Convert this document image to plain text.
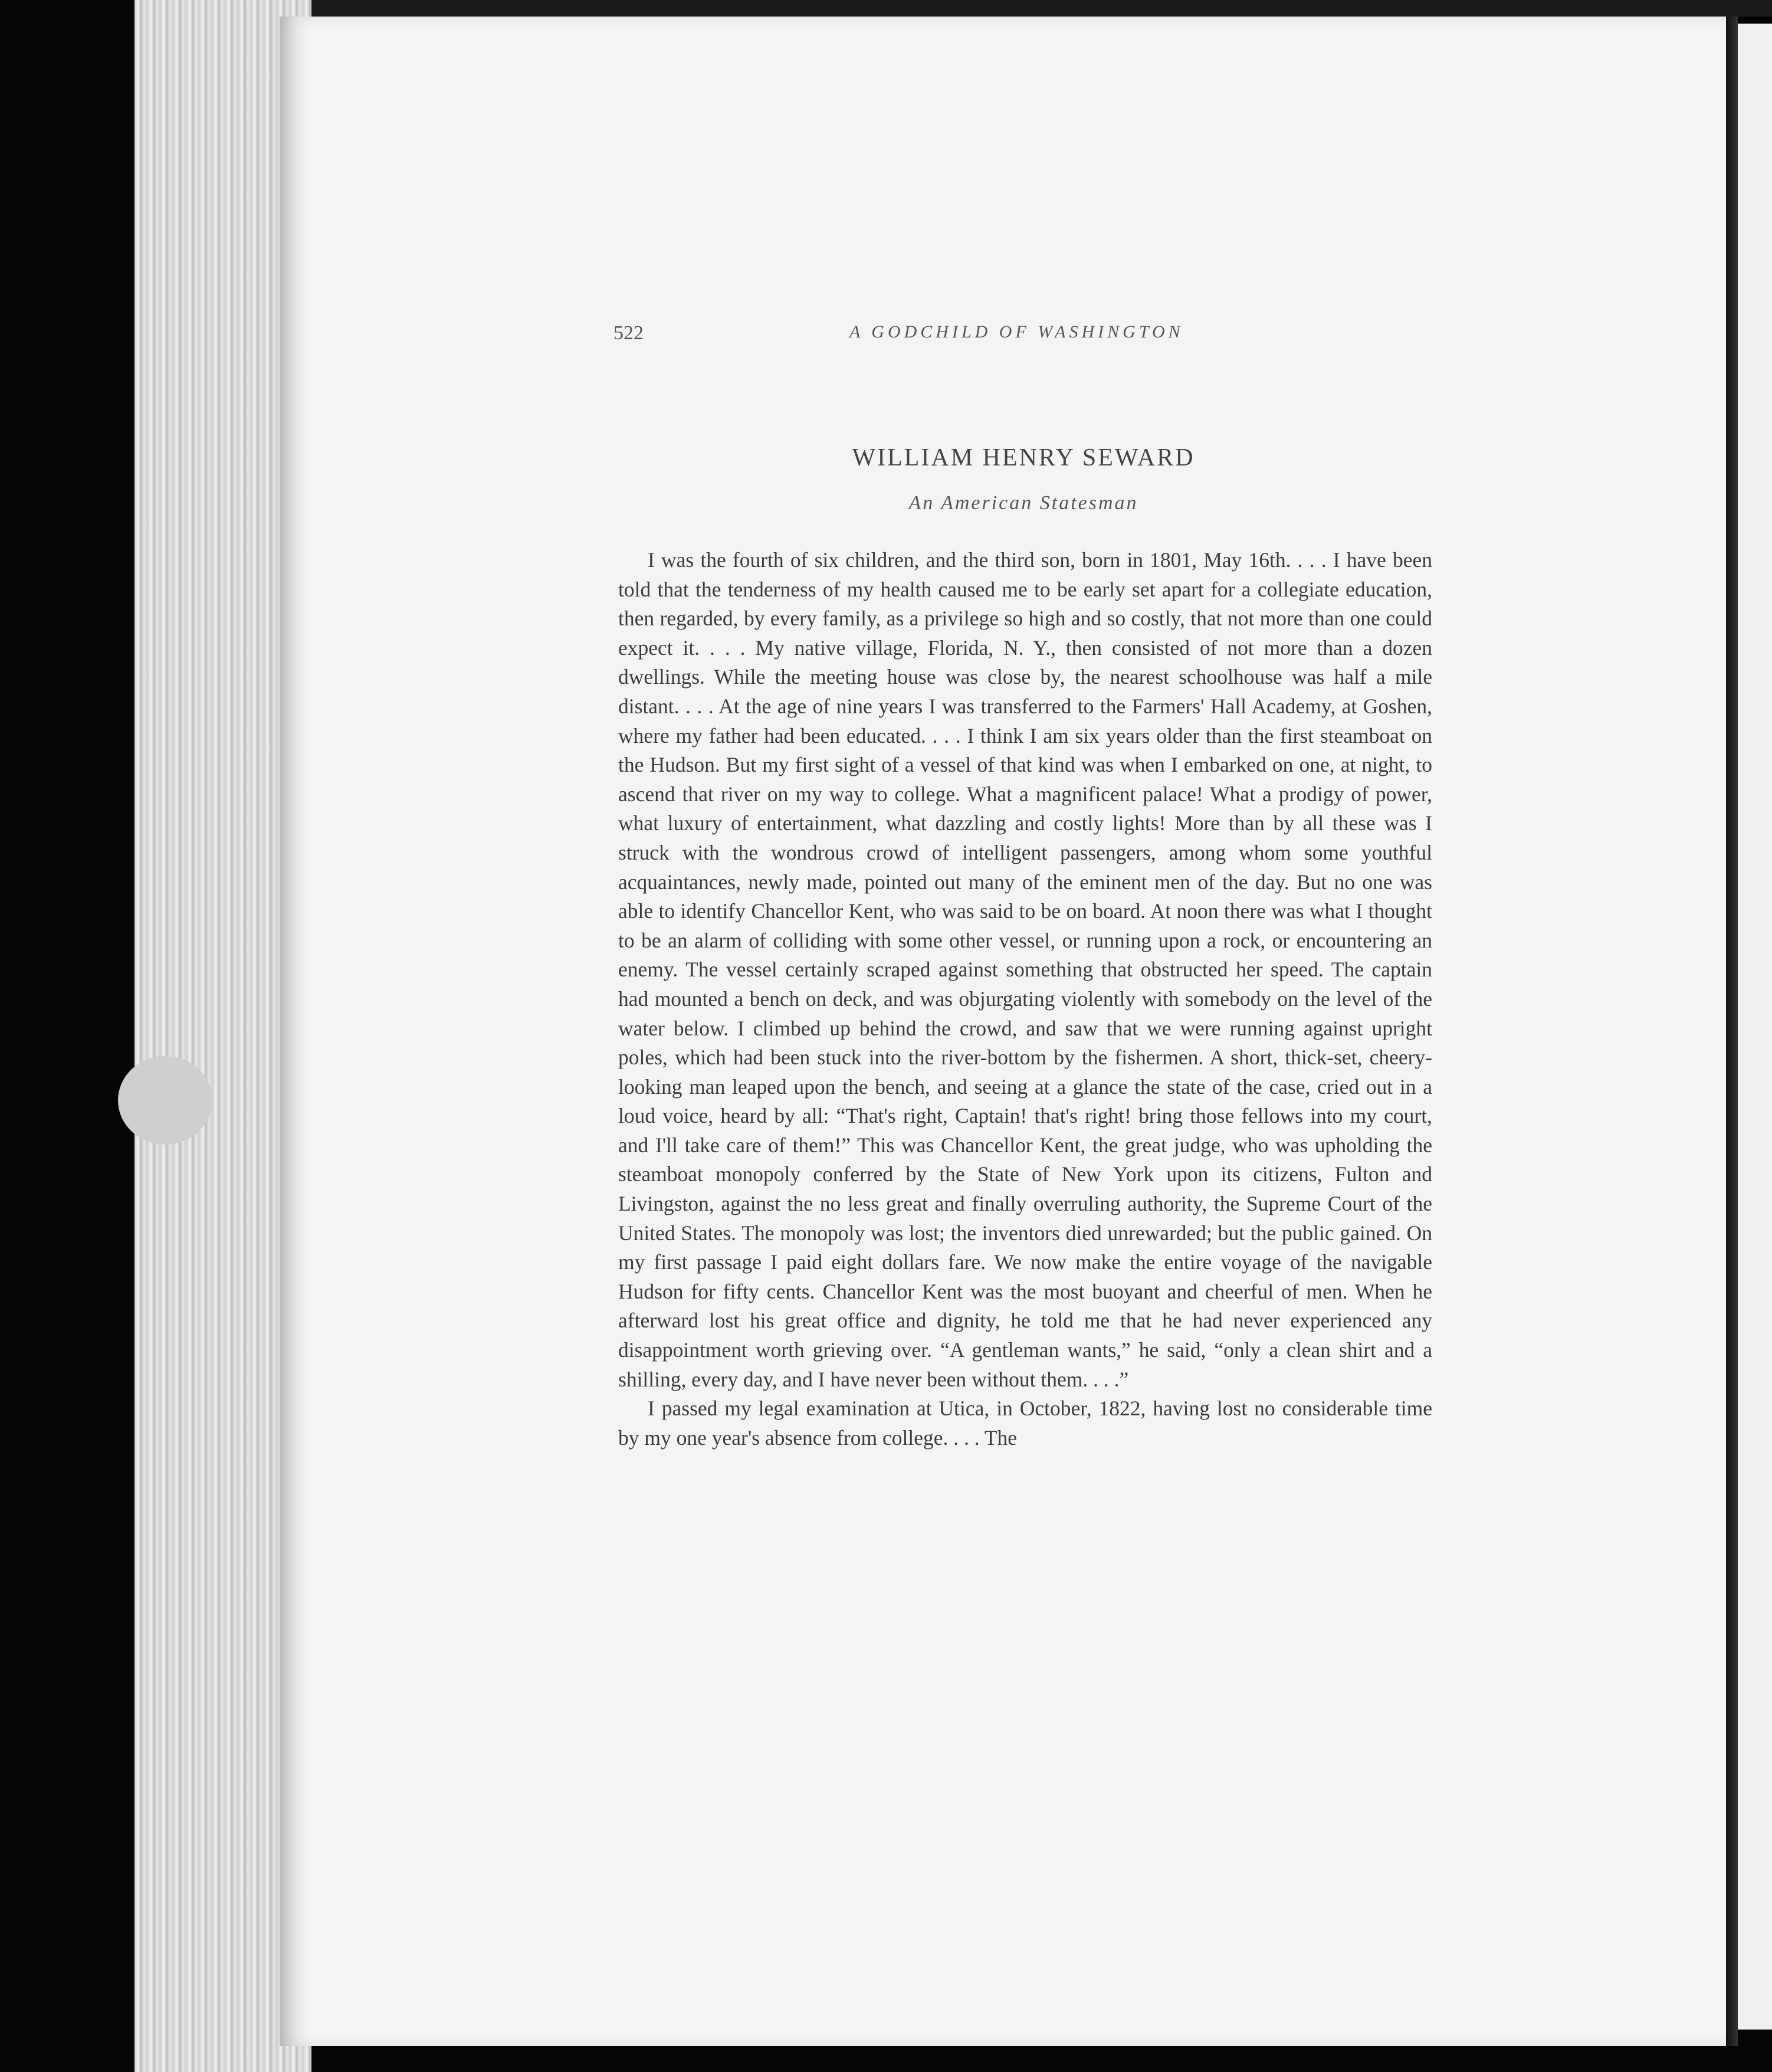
522	A GODCHILD OF WASHINGTON
WILLIAM HENRY SEWARD
An American Statesman

I was the fourth of six children, and the third son, born in 1801, May 16th. . . . I have been told that the tenderness of my health caused me to be early set apart for a collegiate education, then regarded, by every family, as a privilege so high and so costly, that not more than one could expect it. . . . My native village, Florida, N. Y., then consisted of not more than a dozen dwellings. While the meeting house was close by, the nearest schoolhouse was half a mile distant. . . . At the age of nine years I was transferred to the Farmers' Hall Academy, at Goshen, where my father had been educated. . . . I think I am six years older than the first steamboat on the Hudson. But my first sight of a vessel of that kind was when I embarked on one, at night, to ascend that river on my way to college. What a magnificent palace! What a prodigy of power, what luxury of entertainment, what dazzling and costly lights! More than by all these was I struck with the wondrous crowd of intelligent passengers, among whom some youthful acquaintances, newly made, pointed out many of the eminent men of the day. But no one was able to identify Chancellor Kent, who was said to be on board. At noon there was what I thought to be an alarm of colliding with some other vessel, or running upon a rock, or encountering an enemy. The vessel certainly scraped against something that obstructed her speed. The captain had mounted a bench on deck, and was objurgating violently with somebody on the level of the water below. I climbed up behind the crowd, and saw that we were running against upright poles, which had been stuck into the river-bottom by the fishermen. A short, thick-set, cheery-looking man leaped upon the bench, and seeing at a glance the state of the case, cried out in a loud voice, heard by all: “That's right, Captain! that's right! bring those fellows into my court, and I'll take care of them!” This was Chancellor Kent, the great judge, who was upholding the steamboat monopoly conferred by the State of New York upon its citizens, Fulton and Livingston, against the no less great and finally overruling authority, the Supreme Court of the United States. The monopoly was lost; the inventors died unrewarded; but the public gained. On my first passage I paid eight dollars fare. We now make the entire voyage of the navigable Hudson for fifty cents. Chancellor Kent was the most buoyant and cheerful of men. When he afterward lost his great office and dignity, he told me that he had never experienced any disappointment worth grieving over. “A gentleman wants,” he said, “only a clean shirt and a shilling, every day, and I have never been without them. . . .”

I passed my legal examination at Utica, in October, 1822, having lost no considerable time by my one year's absence from college. . . . The
